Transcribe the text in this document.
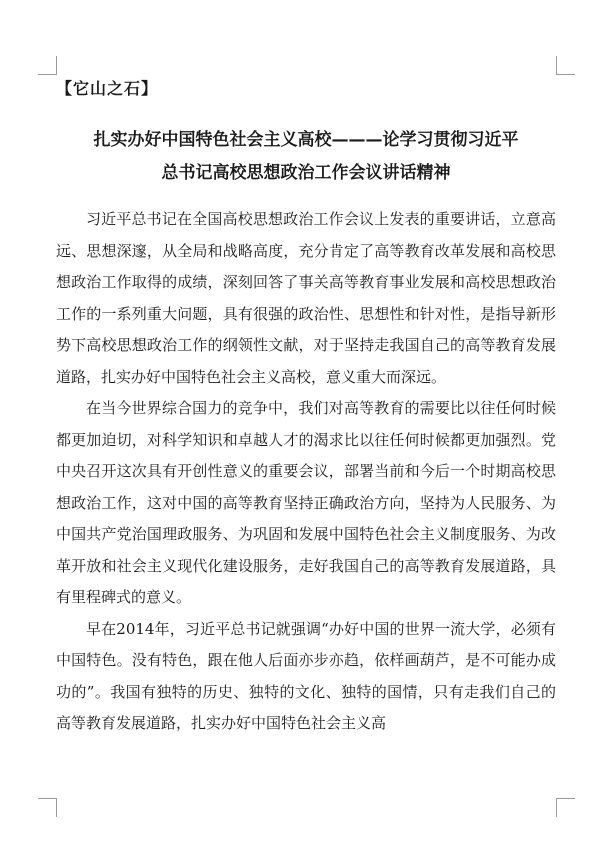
【它山之石】
扎实办好中国特色社会主义高校———论学习贯彻习近平
总书记高校思想政治工作会议讲话精神

习近平总书记在全国高校思想政治工作会议上发表的重要讲话，立意高远、思想深邃，从全局和战略高度，充分肯定了高等教育改革发展和高校思想政治工作取得的成绩，深刻回答了事关高等教育事业发展和高校思想政治工作的一系列重大问题，具有很强的政治性、思想性和针对性，是指导新形势下高校思想政治工作的纲领性文献，对于坚持走我国自己的高等教育发展道路，扎实办好中国特色社会主义高校，意义重大而深远。

在当今世界综合国力的竞争中，我们对高等教育的需要比以往任何时候都更加迫切，对科学知识和卓越人才的渴求比以往任何时候都更加强烈。党中央召开这次具有开创性意义的重要会议，部署当前和今后一个时期高校思想政治工作，这对中国的高等教育坚持正确政治方向，坚持为人民服务、为中国共产党治国理政服务、为巩固和发展中国特色社会主义制度服务、为改革开放和社会主义现代化建设服务，走好我国自己的高等教育发展道路，具有里程碑式的意义。

早在2014年，习近平总书记就强调“办好中国的世界一流大学，必须有中国特色。没有特色，跟在他人后面亦步亦趋，依样画葫芦，是不可能办成功的”。我国有独特的历史、独特的文化、独特的国情，只有走我们自己的高等教育发展道路，扎实办好中国特色社会主义高
